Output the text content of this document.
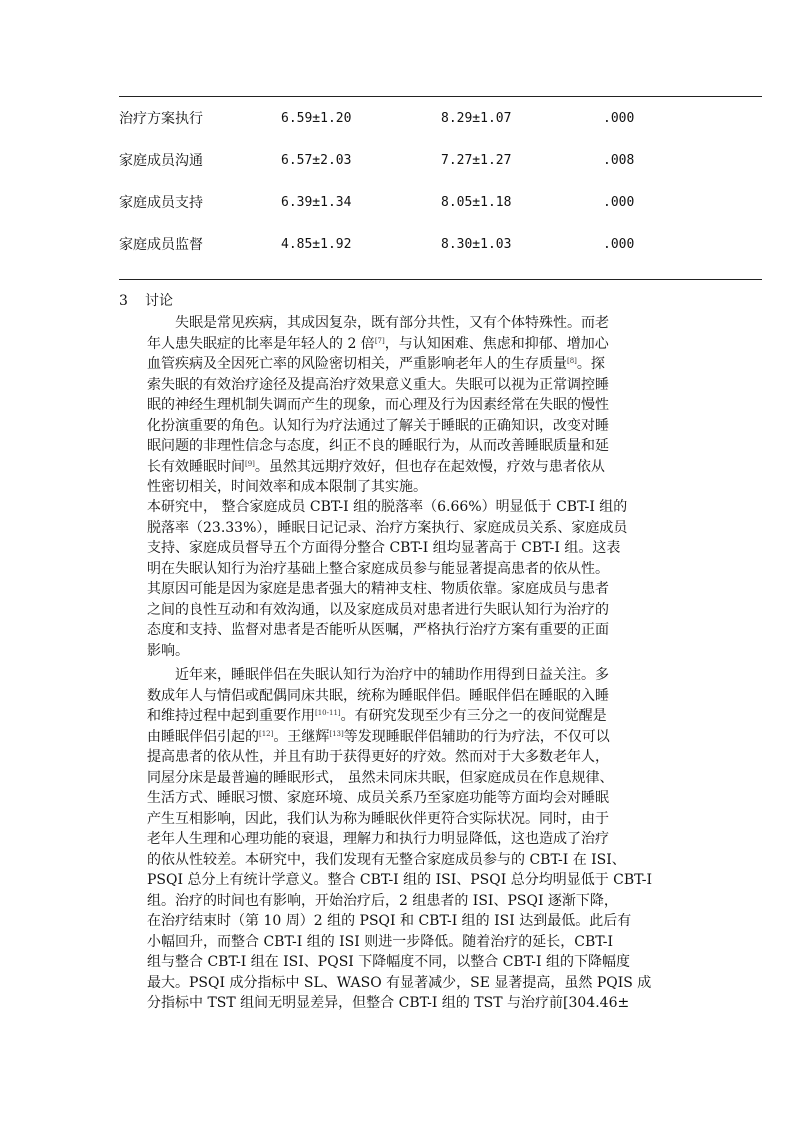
治疗方案执行	6.59±1.20	8.29±1.07	.000
家庭成员沟通	6.57±2.03	7.27±1.27	.008
家庭成员支持	6.39±1.34	8.05±1.18	.000
家庭成员监督	4.85±1.92	8.30±1.03	.000

3 讨论
　　失眠是常见疾病，其成因复杂，既有部分共性，又有个体特殊性。而老
年人患失眠症的比率是年轻人的 2 倍[7]，与认知困难、焦虑和抑郁、增加心
血管疾病及全因死亡率的风险密切相关，严重影响老年人的生存质量[8]。探
索失眠的有效治疗途径及提高治疗效果意义重大。失眠可以视为正常调控睡
眠的神经生理机制失调而产生的现象，而心理及行为因素经常在失眠的慢性
化扮演重要的角色。认知行为疗法通过了解关于睡眠的正确知识，改变对睡
眠问题的非理性信念与态度，纠正不良的睡眠行为，从而改善睡眠质量和延
长有效睡眠时间[9]。虽然其远期疗效好，但也存在起效慢，疗效与患者依从
性密切相关，时间效率和成本限制了其实施。
本研究中， 整合家庭成员 CBT-I 组的脱落率（6.66%）明显低于 CBT-I 组的
脱落率（23.33%），睡眠日记记录、治疗方案执行、家庭成员关系、家庭成员
支持、家庭成员督导五个方面得分整合 CBT-I 组均显著高于 CBT-I 组。这表
明在失眠认知行为治疗基础上整合家庭成员参与能显著提高患者的依从性。
其原因可能是因为家庭是患者强大的精神支柱、物质依靠。家庭成员与患者
之间的良性互动和有效沟通，以及家庭成员对患者进行失眠认知行为治疗的
态度和支持、监督对患者是否能听从医嘱，严格执行治疗方案有重要的正面
影响。
　　近年来，睡眠伴侣在失眠认知行为治疗中的辅助作用得到日益关注。多
数成年人与情侣或配偶同床共眠，统称为睡眠伴侣。睡眠伴侣在睡眠的入睡
和维持过程中起到重要作用[10-11]。有研究发现至少有三分之一的夜间觉醒是
由睡眠伴侣引起的[12]。王继辉[13]等发现睡眠伴侣辅助的行为疗法，不仅可以
提高患者的依从性，并且有助于获得更好的疗效。然而对于大多数老年人，
同屋分床是最普遍的睡眠形式， 虽然未同床共眠，但家庭成员在作息规律、
生活方式、睡眠习惯、家庭环境、成员关系乃至家庭功能等方面均会对睡眠
产生互相影响，因此，我们认为称为睡眠伙伴更符合实际状况。同时，由于
老年人生理和心理功能的衰退，理解力和执行力明显降低，这也造成了治疗
的依从性较差。本研究中，我们发现有无整合家庭成员参与的 CBT-I 在 ISI、
PSQI 总分上有统计学意义。整合 CBT-I 组的 ISI、PSQI 总分均明显低于 CBT-I
组。治疗的时间也有影响，开始治疗后，2 组患者的 ISI、PSQI 逐渐下降，
在治疗结束时（第 10 周）2 组的 PSQI 和 CBT-I 组的 ISI 达到最低。此后有
小幅回升，而整合 CBT-I 组的 ISI 则进一步降低。随着治疗的延长，CBT-I
组与整合 CBT-I 组在 ISI、PQSI 下降幅度不同，以整合 CBT-I 组的下降幅度
最大。PSQI 成分指标中 SL、WASO 有显著减少，SE 显著提高，虽然 PQIS 成
分指标中 TST 组间无明显差异，但整合 CBT-I 组的 TST 与治疗前[304.46±
